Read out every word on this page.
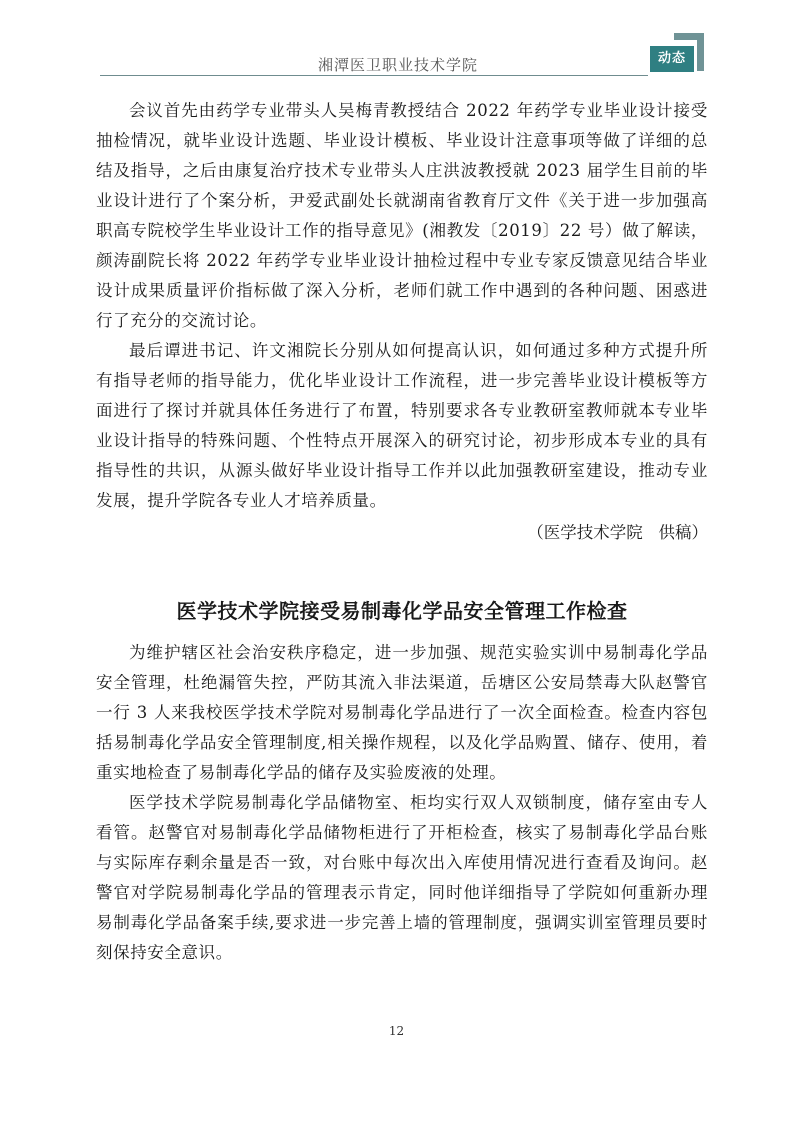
动态
湘潭医卫职业技术学院

会议首先由药学专业带头人吴梅青教授结合 2022 年药学专业毕业设计接受抽检情况，就毕业设计选题、毕业设计模板、毕业设计注意事项等做了详细的总结及指导，之后由康复治疗技术专业带头人庄洪波教授就 2023 届学生目前的毕业设计进行了个案分析，尹爱武副处长就湖南省教育厅文件《关于进一步加强高职高专院校学生毕业设计工作的指导意见》(湘教发〔2019〕22 号）做了解读，颜涛副院长将 2022 年药学专业毕业设计抽检过程中专业专家反馈意见结合毕业设计成果质量评价指标做了深入分析，老师们就工作中遇到的各种问题、困惑进行了充分的交流讨论。

最后谭进书记、许文湘院长分别从如何提高认识，如何通过多种方式提升所有指导老师的指导能力，优化毕业设计工作流程，进一步完善毕业设计模板等方面进行了探讨并就具体任务进行了布置，特别要求各专业教研室教师就本专业毕业设计指导的特殊问题、个性特点开展深入的研究讨论，初步形成本专业的具有指导性的共识，从源头做好毕业设计指导工作并以此加强教研室建设，推动专业发展，提升学院各专业人才培养质量。

（医学技术学院   供稿）
医学技术学院接受易制毒化学品安全管理工作检查

为维护辖区社会治安秩序稳定，进一步加强、规范实验实训中易制毒化学品安全管理，杜绝漏管失控，严防其流入非法渠道，岳塘区公安局禁毒大队赵警官一行 3 人来我校医学技术学院对易制毒化学品进行了一次全面检查。检查内容包括易制毒化学品安全管理制度,相关操作规程，以及化学品购置、储存、使用，着重实地检查了易制毒化学品的储存及实验废液的处理。

医学技术学院易制毒化学品储物室、柜均实行双人双锁制度，储存室由专人看管。赵警官对易制毒化学品储物柜进行了开柜检查，核实了易制毒化学品台账与实际库存剩余量是否一致，对台账中每次出入库使用情况进行查看及询问。赵警官对学院易制毒化学品的管理表示肯定，同时他详细指导了学院如何重新办理易制毒化学品备案手续,要求进一步完善上墙的管理制度，强调实训室管理员要时刻保持安全意识。

12
